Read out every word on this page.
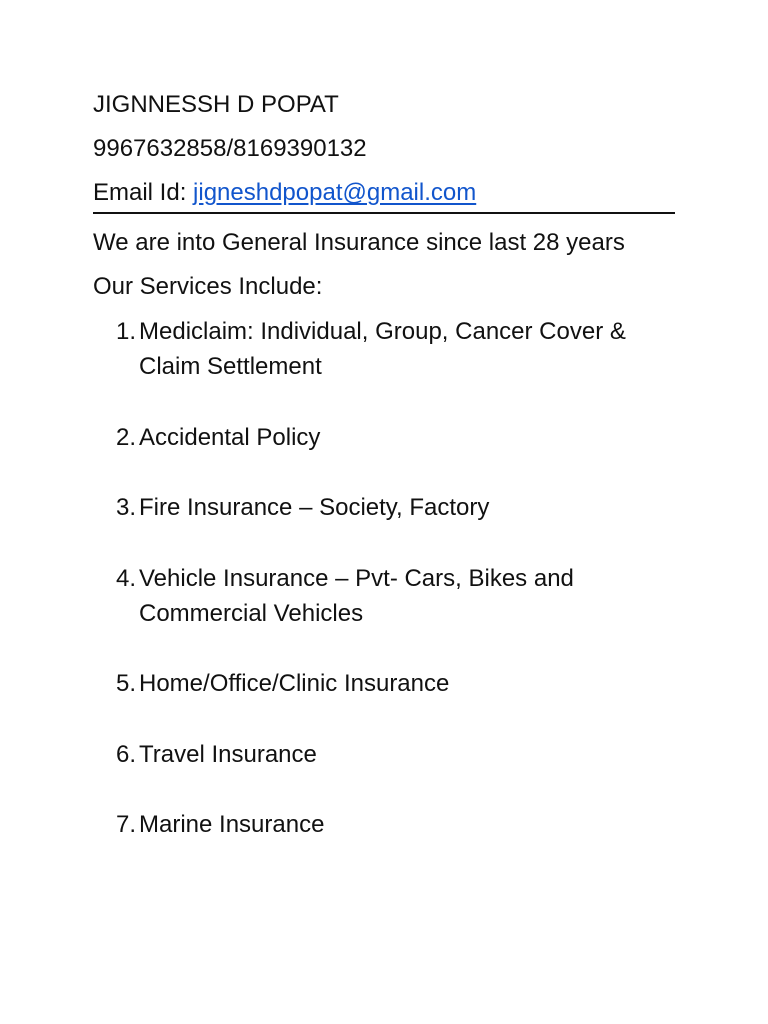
JIGNNESSH D POPAT
9967632858/8169390132
Email Id: jigneshdpopat@gmail.com
We are into General Insurance since last 28 years
Our Services Include:
1. Mediclaim: Individual, Group, Cancer Cover & Claim Settlement
2. Accidental Policy
3. Fire Insurance – Society, Factory
4. Vehicle Insurance – Pvt- Cars, Bikes and Commercial Vehicles
5. Home/Office/Clinic Insurance
6. Travel Insurance
7. Marine Insurance
